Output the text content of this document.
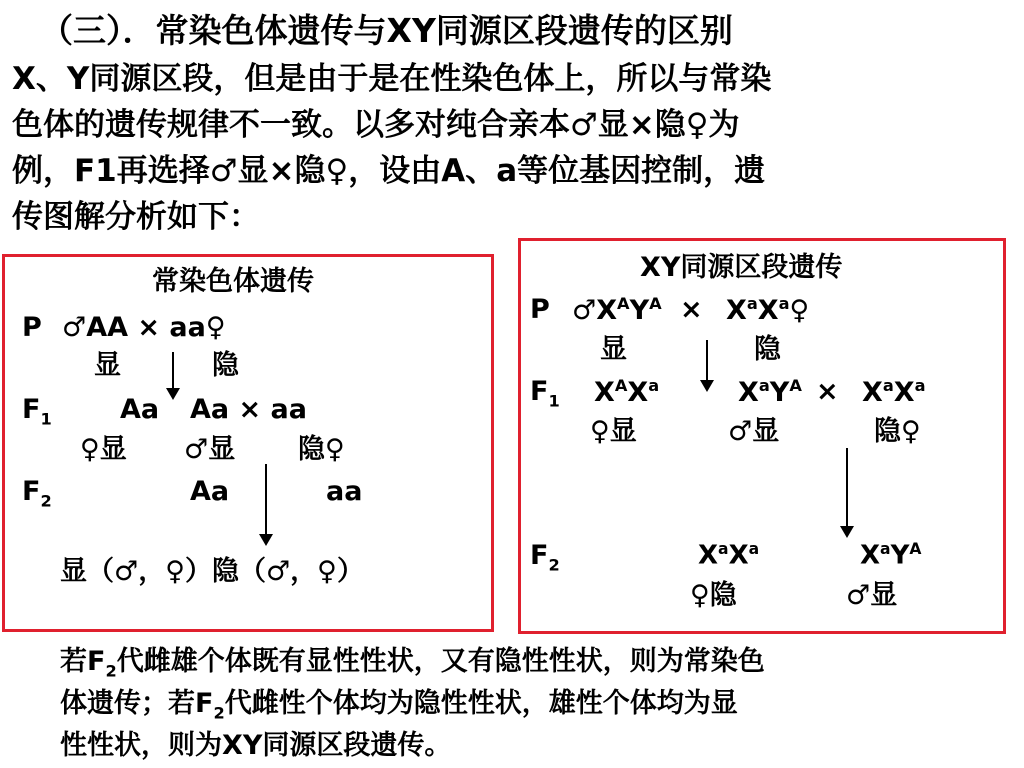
（三）．常染色体遗传与XY同源区段遗传的区别
X、Y同源区段，但是由于是在性染色体上，所以与常染
色体的遗传规律不一致。以多对纯合亲本♂显×隐♀为
例，F1再选择♂显×隐♀，设由A、a等位基因控制，遗
传图解分析如下：
常染色体遗传
P ♂AA × aa♀
显	隐
$F_1$	Aa Aa × aa
♀显 ♂显 隐♀
$F_2$	Aa	aa
显（♂，♀）隐（♂，♀）
XY同源区段遗传
P $♂X^AY^A$ × $X^aX^a♀$
显	隐
$F_1$ $X^AX^a$	$X^aY^A \times X^aX^a$
♀显	♂显	隐♀
$F_2$	$X^aX^a$	$X^aY^A$
♀隐	♂显
若$F_2$代雌雄个体既有显性性状，又有隐性性状，则为常染色
体遗传；若$F_2$代雌性个体均为隐性性状，雄性个体均为显
性性状，则为XY同源区段遗传。
